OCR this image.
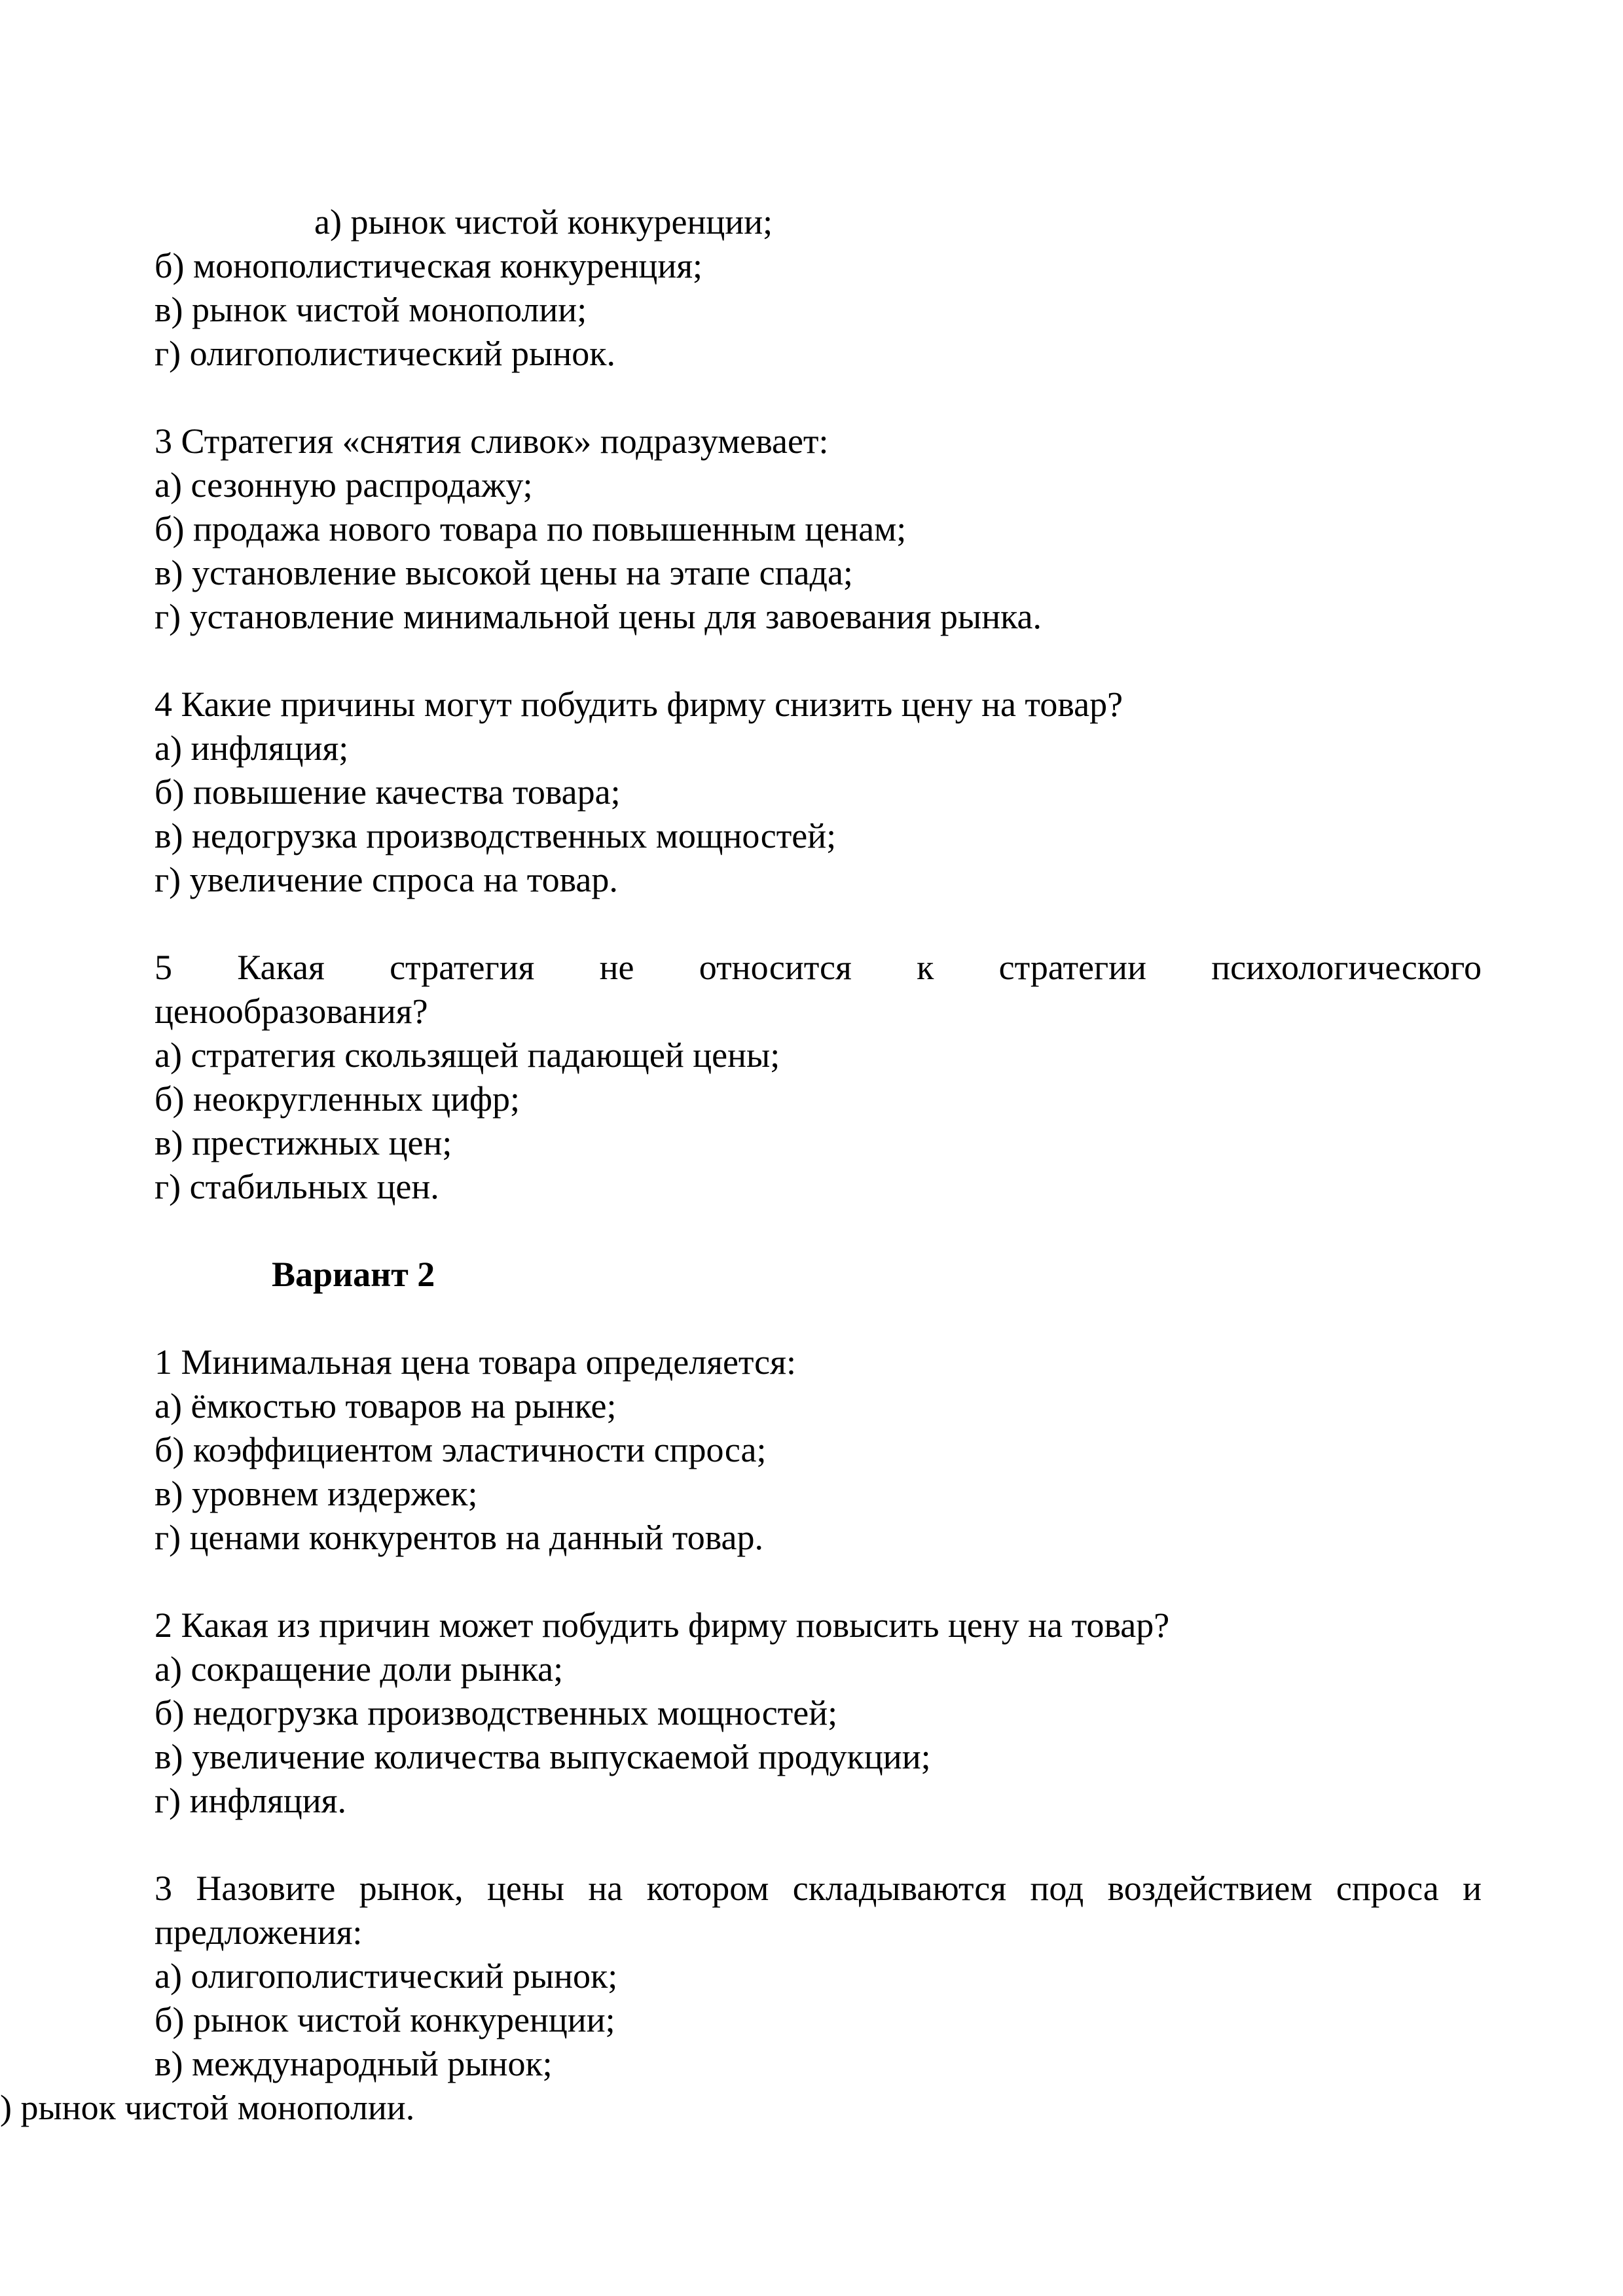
а) рынок чистой конкуренции;
б) монополистическая конкуренция;
в) рынок чистой монополии;
г) олигополистический рынок.
3 Стратегия «снятия сливок» подразумевает:
а) сезонную распродажу;
б) продажа нового товара по повышенным ценам;
в) установление высокой цены на этапе спада;
г) установление минимальной цены для завоевания рынка.
4 Какие причины могут побудить фирму снизить цену на товар?
а) инфляция;
б) повышение качества товара;
в) недогрузка производственных мощностей;
г) увеличение спроса на товар.
5 Какая стратегия не относится к стратегии психологического
ценообразования?
а) стратегия скользящей падающей цены;
б) неокругленных цифр;
в) престижных цен;
г) стабильных цен.
Вариант 2
1 Минимальная цена товара определяется:
а) ёмкостью товаров на рынке;
б) коэффициентом эластичности спроса;
в) уровнем издержек;
г) ценами конкурентов на данный товар.
2 Какая из причин может побудить фирму повысить цену на товар?
а) сокращение доли рынка;
б) недогрузка производственных мощностей;
в) увеличение количества выпускаемой продукции;
г) инфляция.
3 Назовите рынок, цены на котором складываются под воздействием спроса и
предложения:
а) олигополистический рынок;
б) рынок чистой конкуренции;
в) международный рынок;
) рынок чистой монополии.
